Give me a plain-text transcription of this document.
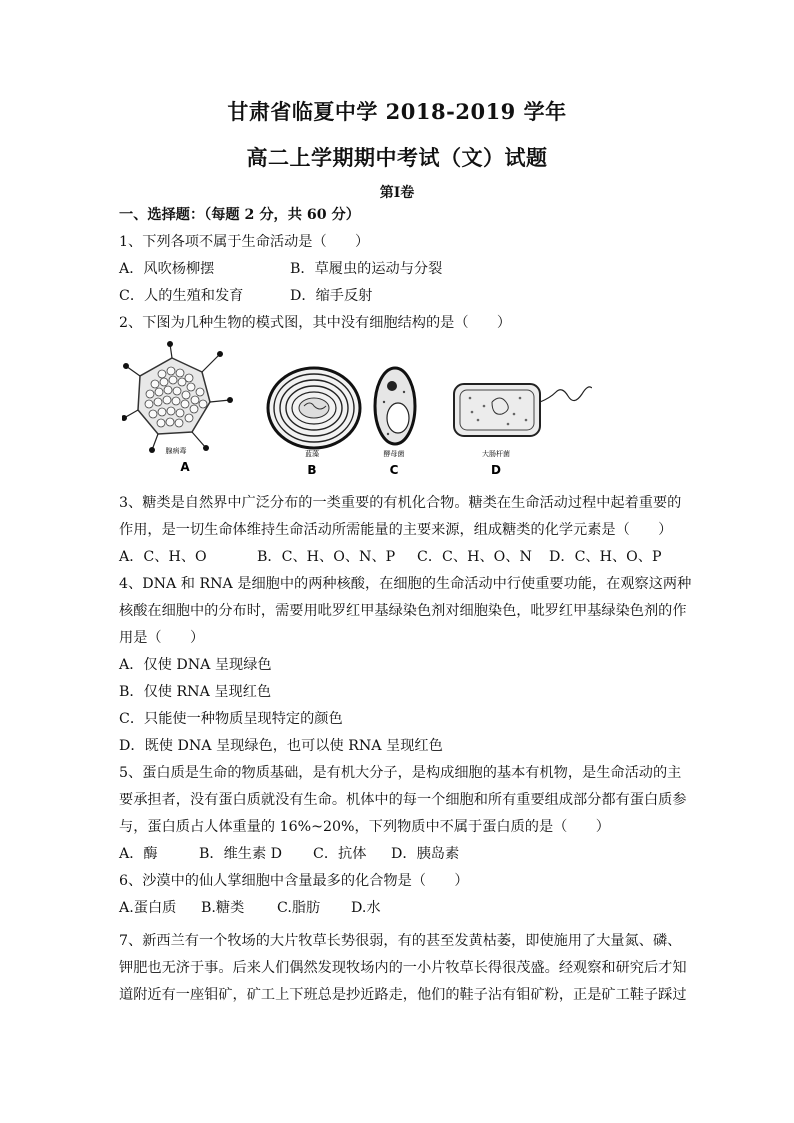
甘肃省临夏中学 2018-2019 学年
高二上学期期中考试（文）试题
第Ⅰ卷
一、选择题：（每题 2 分，共 60 分）
1、下列各项不属于生命活动是（　　）
A．风吹杨柳摆	B．草履虫的运动与分裂
C．人的生殖和发育	D．缩手反射
2、下图为几种生物的模式图，其中没有细胞结构的是（　　）
腺病毒
A
蓝藻
B
酵母菌
C
大肠杆菌
D
3、糖类是自然界中广泛分布的一类重要的有机化合物。糖类在生命活动过程中起着重要的
作用，是一切生命体维持生命活动所需能量的主要来源，组成糖类的化学元素是（　　）
A．C、H、O	B．C、H、O、N、P C．C、H、O、N D．C、H、O、P
4、DNA 和 RNA 是细胞中的两种核酸，在细胞的生命活动中行使重要功能，在观察这两种
核酸在细胞中的分布时，需要用吡罗红甲基绿染色剂对细胞染色，吡罗红甲基绿染色剂的作
用是（　　）
A．仅使 DNA 呈现绿色
B．仅使 RNA 呈现红色
C．只能使一种物质呈现特定的颜色
D．既使 DNA 呈现绿色，也可以使 RNA 呈现红色
5、蛋白质是生命的物质基础，是有机大分子，是构成细胞的基本有机物，是生命活动的主
要承担者，没有蛋白质就没有生命。机体中的每一个细胞和所有重要组成部分都有蛋白质参
与，蛋白质占人体重量的 16%~20%，下列物质中不属于蛋白质的是（　　）
A．酶	B．维生素 D C．抗体 D．胰岛素
6、沙漠中的仙人掌细胞中含量最多的化合物是（　　）
A.蛋白质 B.糖类 C.脂肪 D.水
7、新西兰有一个牧场的大片牧草长势很弱，有的甚至发黄枯萎，即使施用了大量氮、磷、
钾肥也无济于事。后来人们偶然发现牧场内的一小片牧草长得很茂盛。经观察和研究后才知
道附近有一座钼矿，矿工上下班总是抄近路走，他们的鞋子沾有钼矿粉，正是矿工鞋子踩过
